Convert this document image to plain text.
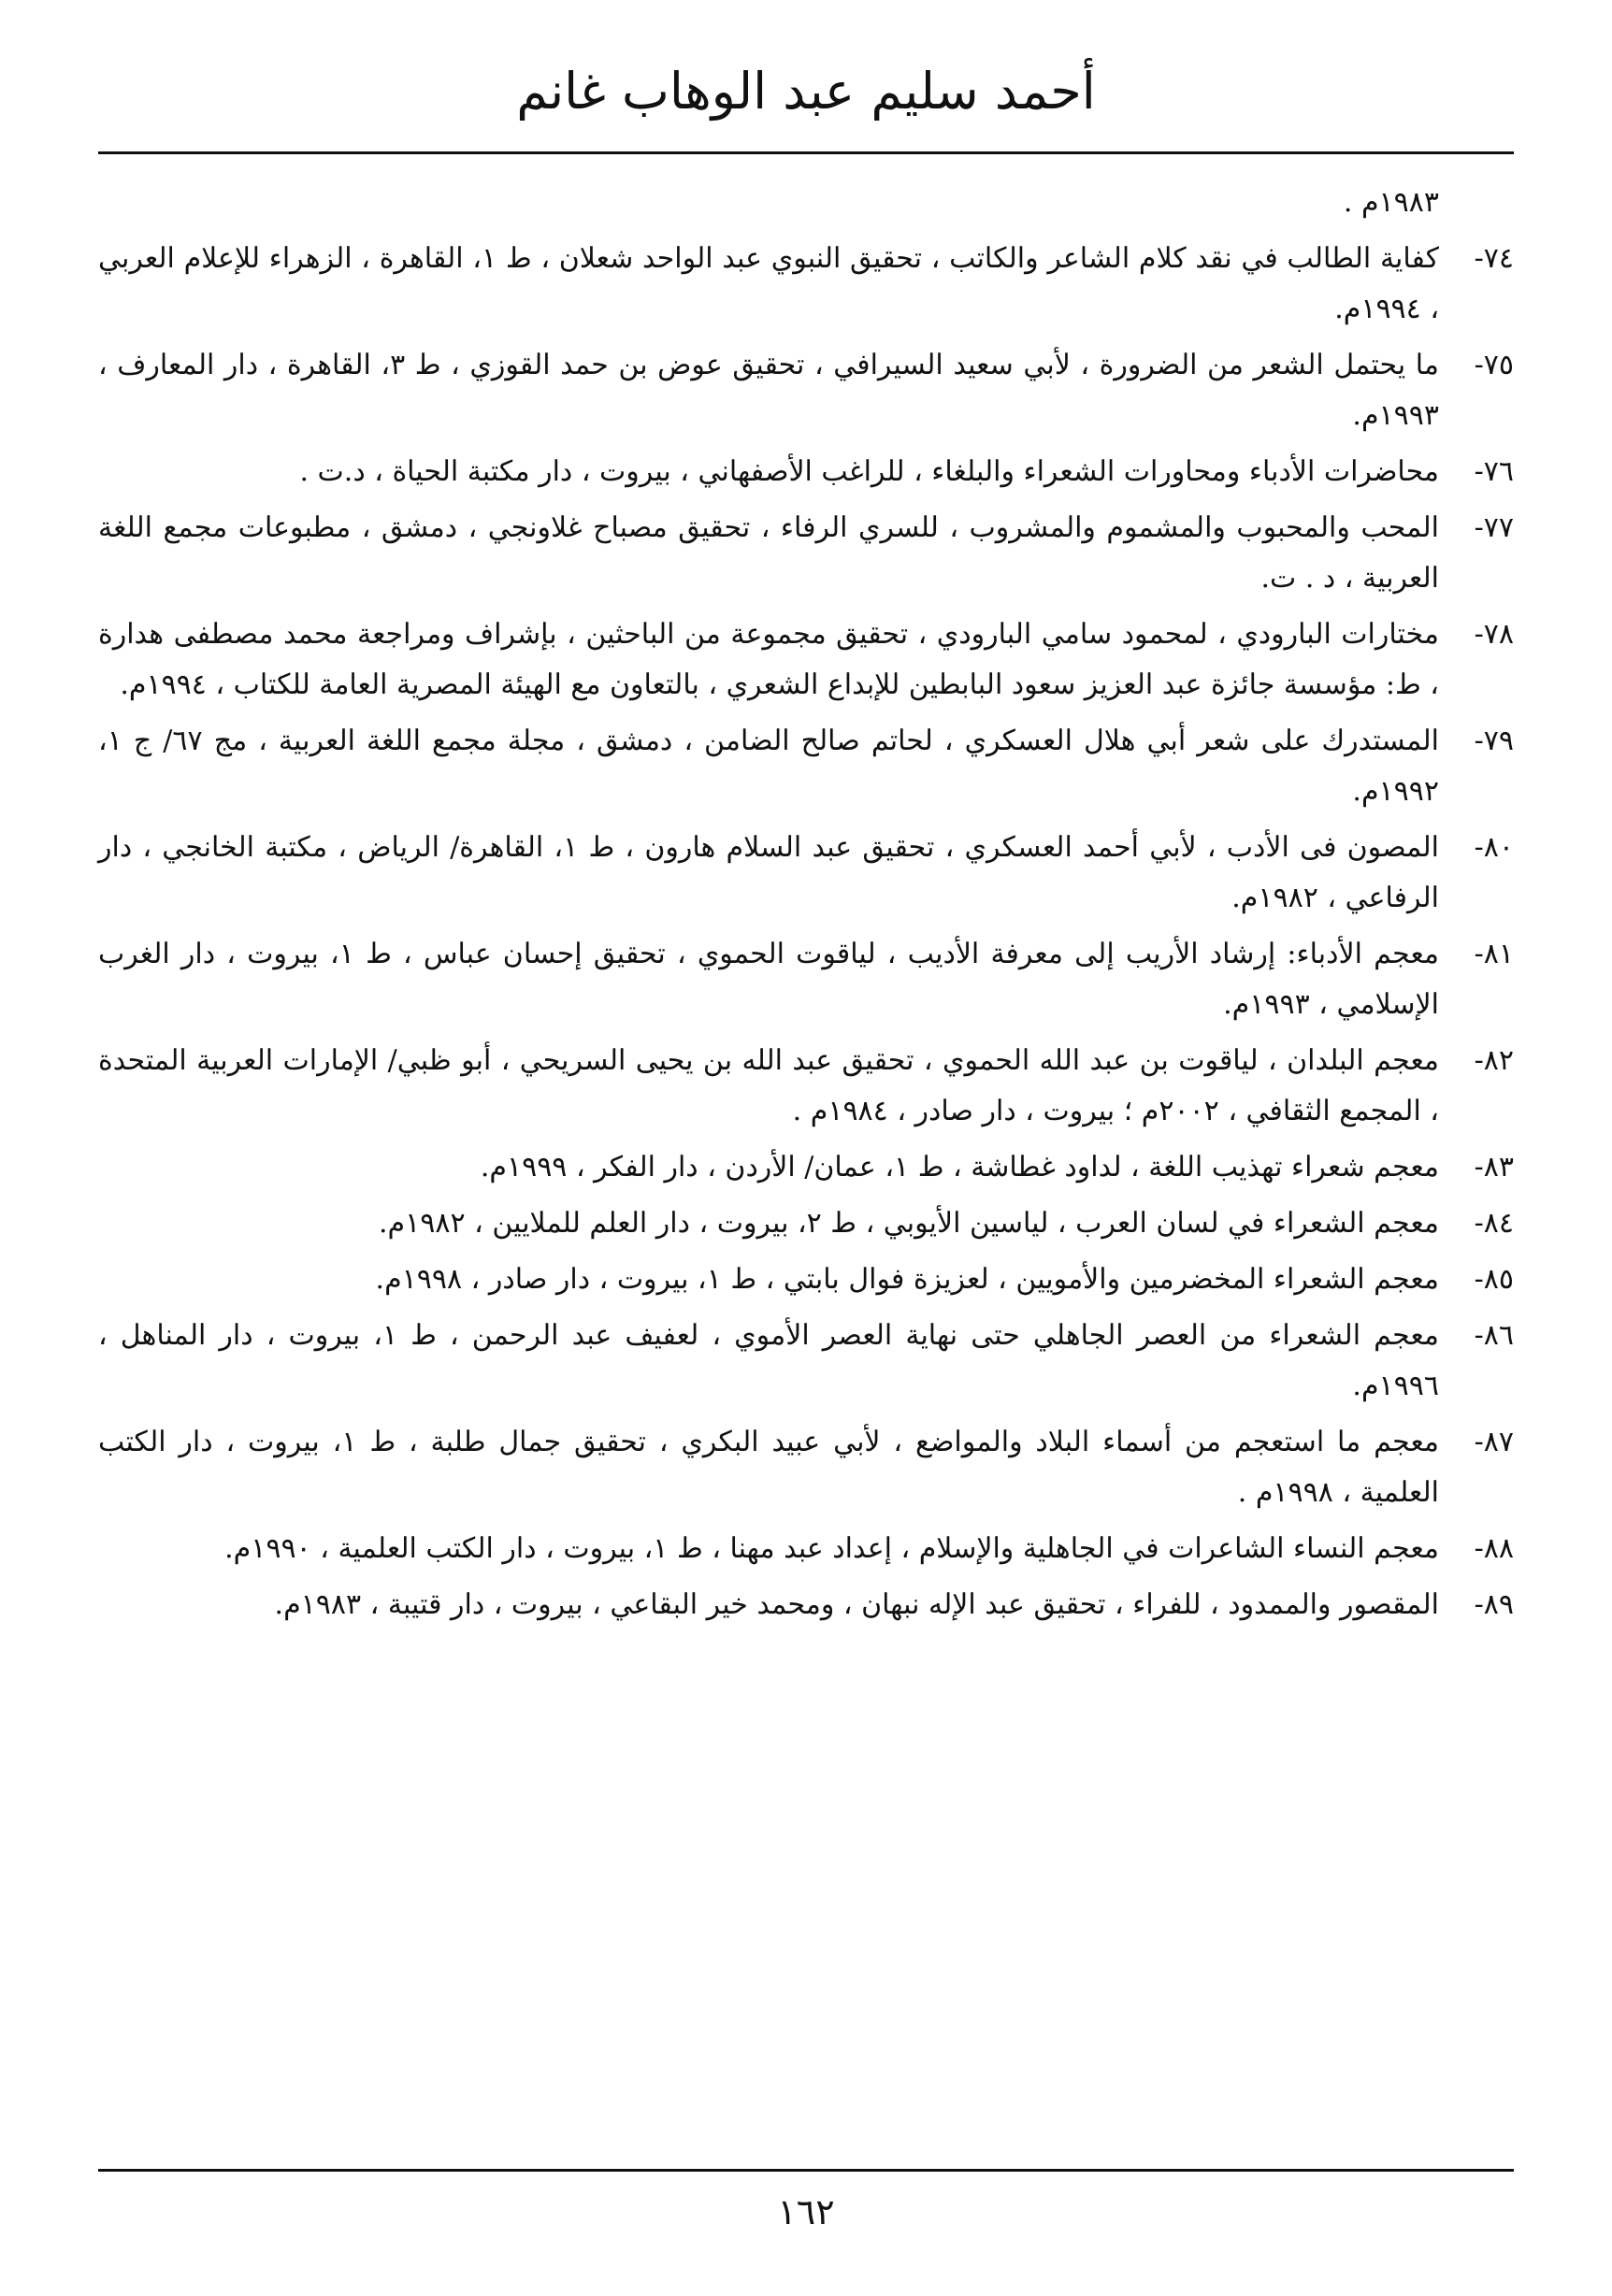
أحمد سليم عبد الوهاب غانم
١٩٨٣م .
٧٤-
كفاية الطالب في نقد كلام الشاعر والكاتب ، تحقيق النبوي عبد الواحد شعلان ، ط ١، القاهرة ، الزهراء للإعلام العربي ، ١٩٩٤م.
٧٥-
ما يحتمل الشعر من الضرورة ، لأبي سعيد السيرافي ، تحقيق عوض بن حمد القوزي ، ط ٣، القاهرة ، دار المعارف ، ١٩٩٣م.
٧٦-
محاضرات الأدباء ومحاورات الشعراء والبلغاء ، للراغب الأصفهاني ، بيروت ، دار مكتبة الحياة ، د.ت .
٧٧-
المحب والمحبوب والمشموم والمشروب ، للسري الرفاء ، تحقيق مصباح غلاونجي ، دمشق ، مطبوعات مجمع اللغة العربية ، د . ت.
٧٨-
مختارات البارودي ، لمحمود سامي البارودي ، تحقيق مجموعة من الباحثين ، بإشراف ومراجعة محمد مصطفى هدارة ، ط: مؤسسة جائزة عبد العزيز سعود البابطين للإبداع الشعري ، بالتعاون مع الهيئة المصرية العامة للكتاب ، ١٩٩٤م.
٧٩-
المستدرك على شعر أبي هلال العسكري ، لحاتم صالح الضامن ، دمشق ، مجلة مجمع اللغة العربية ، مج ٦٧/ ج ١، ١٩٩٢م.
٨٠-
المصون فى الأدب ، لأبي أحمد العسكري ، تحقيق عبد السلام هارون ، ط ١، القاهرة/ الرياض ، مكتبة الخانجي ، دار الرفاعي ، ١٩٨٢م.
٨١-
معجم الأدباء: إرشاد الأريب إلى معرفة الأديب ، لياقوت الحموي ، تحقيق إحسان عباس ، ط ١، بيروت ، دار الغرب الإسلامي ، ١٩٩٣م.
٨٢-
معجم البلدان ، لياقوت بن عبد الله الحموي ، تحقيق عبد الله بن يحيى السريحي ، أبو ظبي/ الإمارات العربية المتحدة ، المجمع الثقافي ، ٢٠٠٢م ؛ بيروت ، دار صادر ، ١٩٨٤م .
٨٣-
معجم شعراء تهذيب اللغة ، لداود غطاشة ، ط ١، عمان/ الأردن ، دار الفكر ، ١٩٩٩م.
٨٤-
معجم الشعراء في لسان العرب ، لياسين الأيوبي ، ط ٢، بيروت ، دار العلم للملايين ، ١٩٨٢م.
٨٥-
معجم الشعراء المخضرمين والأمويين ، لعزيزة فوال بابتي ، ط ١، بيروت ، دار صادر ، ١٩٩٨م.
٨٦-
معجم الشعراء من العصر الجاهلي حتى نهاية العصر الأموي ، لعفيف عبد الرحمن ، ط ١، بيروت ، دار المناهل ، ١٩٩٦م.
٨٧-
معجم ما استعجم من أسماء البلاد والمواضع ، لأبي عبيد البكري ، تحقيق جمال طلبة ، ط ١، بيروت ، دار الكتب العلمية ، ١٩٩٨م .
٨٨-
معجم النساء الشاعرات في الجاهلية والإسلام ، إعداد عبد مهنا ، ط ١، بيروت ، دار الكتب العلمية ، ١٩٩٠م.
٨٩-
المقصور والممدود ، للفراء ، تحقيق عبد الإله نبهان ، ومحمد خير البقاعي ، بيروت ، دار قتيبة ، ١٩٨٣م.
١٦٢
